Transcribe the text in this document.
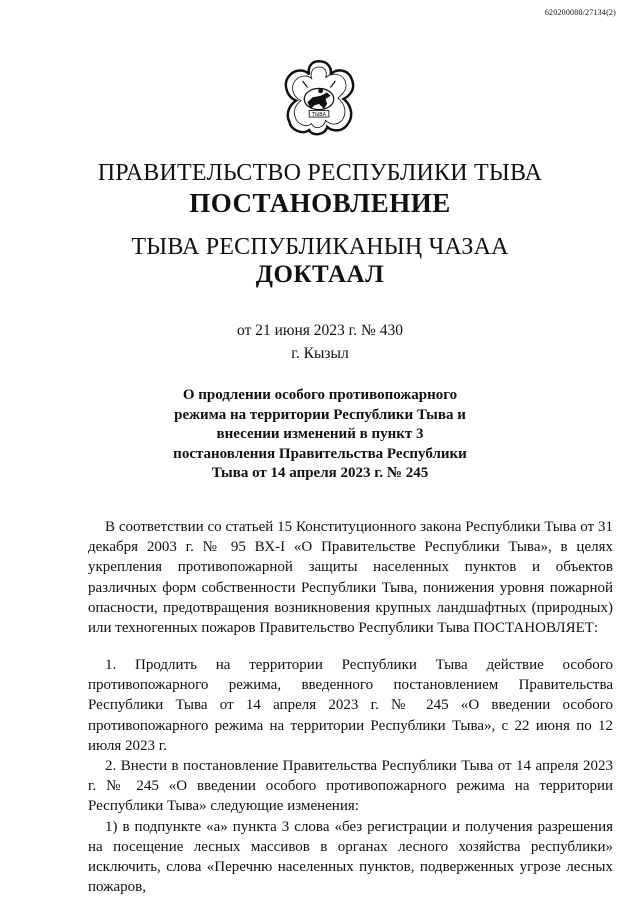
620200080/27134(2)
ТЫВА
ПРАВИТЕЛЬСТВО РЕСПУБЛИКИ ТЫВА
ПОСТАНОВЛЕНИЕ
ТЫВА РЕСПУБЛИКАНЫҢ ЧАЗАА
ДОКТААЛ
от 21 июня 2023 г. № 430
г. Кызыл
О продлении особого противопожарного режима на территории Республики Тыва и внесении изменений в пункт 3 постановления Правительства Республики Тыва от 14 апреля 2023 г. № 245

В соответствии со статьей 15 Конституционного закона Республики Тыва от 31 декабря 2003 г. № 95 ВХ-I «О Правительстве Республики Тыва», в целях укрепления противопожарной защиты населенных пунктов и объектов различных форм собственности Республики Тыва, понижения уровня пожарной опасности, предотвращения возникновения крупных ландшафтных (природных) или техногенных пожаров Правительство Республики Тыва ПОСТАНОВЛЯЕТ:

1. Продлить на территории Республики Тыва действие особого противопожарного режима, введенного постановлением Правительства Республики Тыва от 14 апреля 2023 г. № 245 «О введении особого противопожарного режима на территории Республики Тыва», с 22 июня по 12 июля 2023 г.

2. Внести в постановление Правительства Республики Тыва от 14 апреля 2023 г. № 245 «О введении особого противопожарного режима на территории Республики Тыва» следующие изменения:

1) в подпункте «а» пункта 3 слова «без регистрации и получения разрешения на посещение лесных массивов в органах лесного хозяйства республики» исключить, слова «Перечню населенных пунктов, подверженных угрозе лесных пожаров,
